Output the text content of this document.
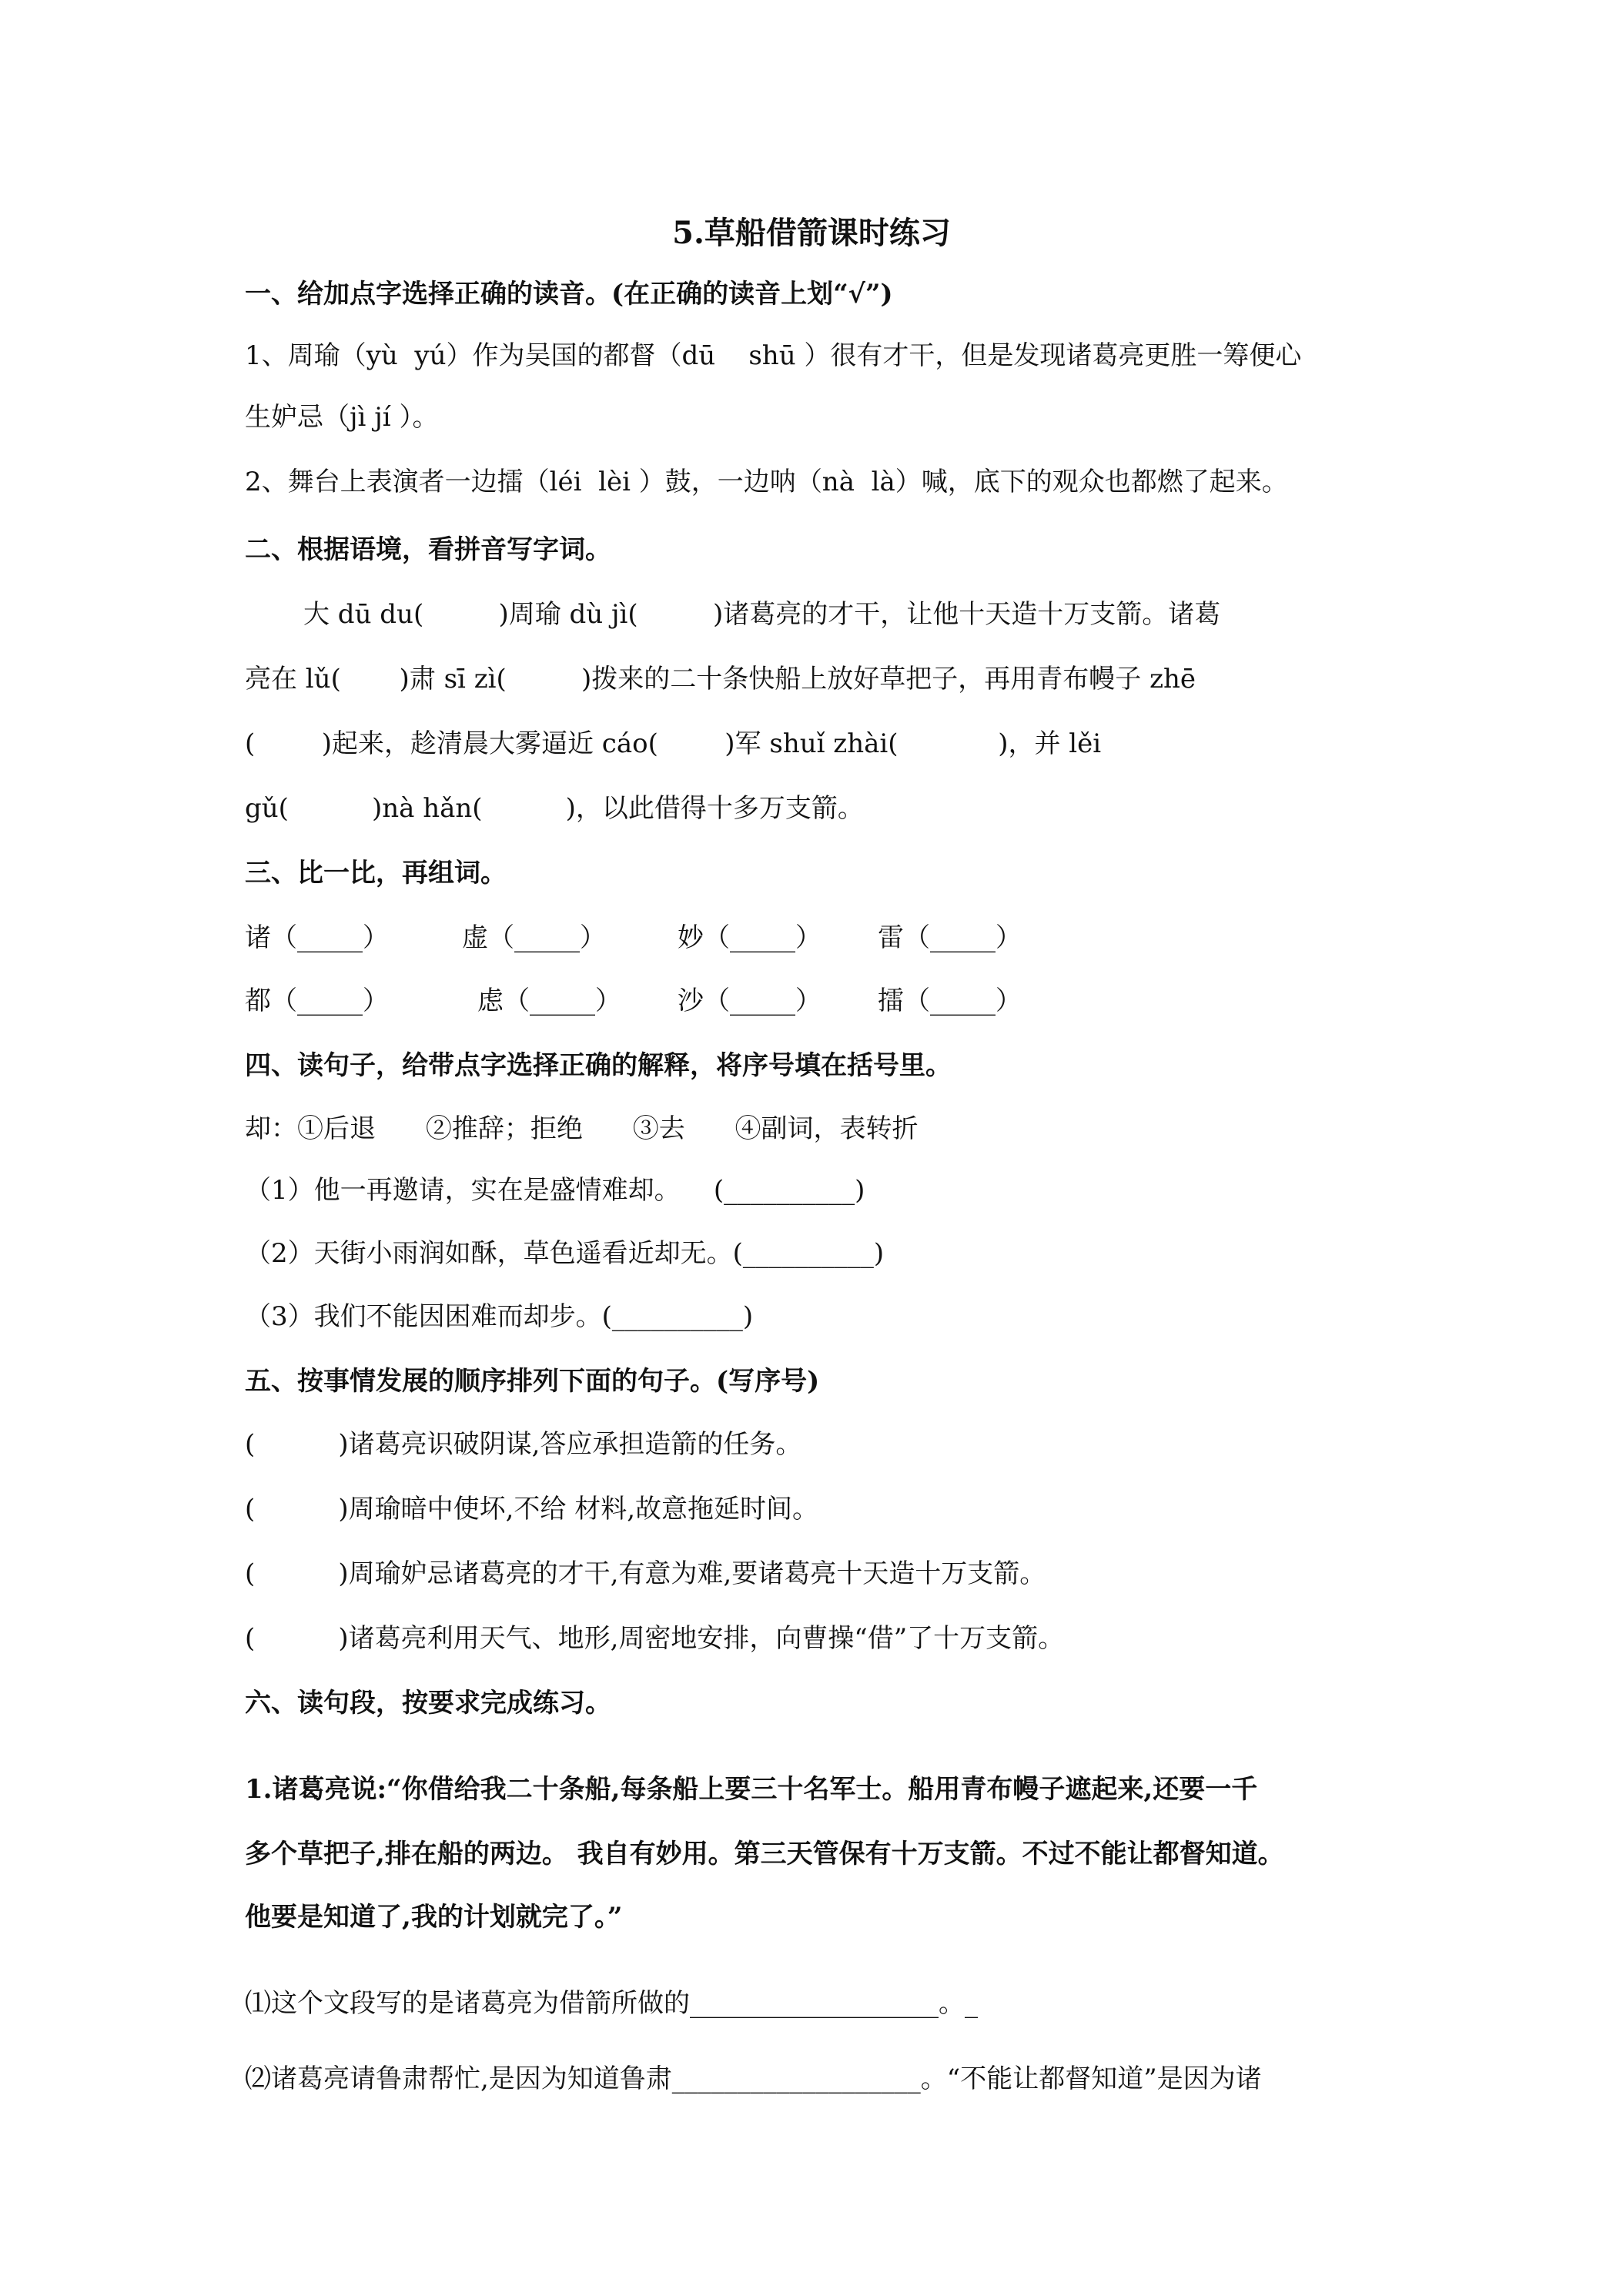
5.草船借箭课时练习
一、给加点字选择正确的读音。(在正确的读音上划“√”)
1、周瑜（yù  yú）作为吴国的都督（dū    shū ）很有才干，但是发现诸葛亮更胜一筹便心
生妒忌（jì jí ）。
2、舞台上表演者一边擂（léi  lèi ）鼓，一边呐（nà  là）喊，底下的观众也都燃了起来。
二、根据语境，看拼音写字词。
大 dū du(         )周瑜 dù jì(         )诸葛亮的才干，让他十天造十万支箭。诸葛
亮在 lǔ(       )肃 sī zì(         )拨来的二十条快船上放好草把子，再用青布幔子 zhē
(        )起来，趁清晨大雾逼近 cáo(        )军 shuǐ zhài(            )，并 lěi
gǔ(          )nà hǎn(          )，以此借得十多万支箭。
三、比一比，再组词。
诸（_____）	虚（_____）	妙（_____）	雷（_____）
都（_____）	虑（_____）	沙（_____）	擂（_____）
四、读句子，给带点字选择正确的解释，将序号填在括号里。
却：①后退      ②推辞；拒绝      ③去      ④副词，表转折
（1）他一再邀请，实在是盛情难却。    (__________)
（2）天街小雨润如酥，草色遥看近却无。(__________)
（3）我们不能因困难而却步。(__________)
五、按事情发展的顺序排列下面的句子。(写序号)
(          )诸葛亮识破阴谋,答应承担造箭的任务。
(          )周瑜暗中使坏,不给 材料,故意拖延时间。
(          )周瑜妒忌诸葛亮的才干,有意为难,要诸葛亮十天造十万支箭。
(          )诸葛亮利用天气、地形,周密地安排，向曹操“借”了十万支箭。
六、读句段，按要求完成练习。
1.诸葛亮说:“你借给我二十条船,每条船上要三十名军士。船用青布幔子遮起来,还要一千
多个草把子,排在船的两边。 我自有妙用。第三天管保有十万支箭。不过不能让都督知道。
他要是知道了,我的计划就完了。”
⑴这个文段写的是诸葛亮为借箭所做的___________________。_
⑵诸葛亮请鲁肃帮忙,是因为知道鲁肃___________________。“不能让都督知道”是因为诸
